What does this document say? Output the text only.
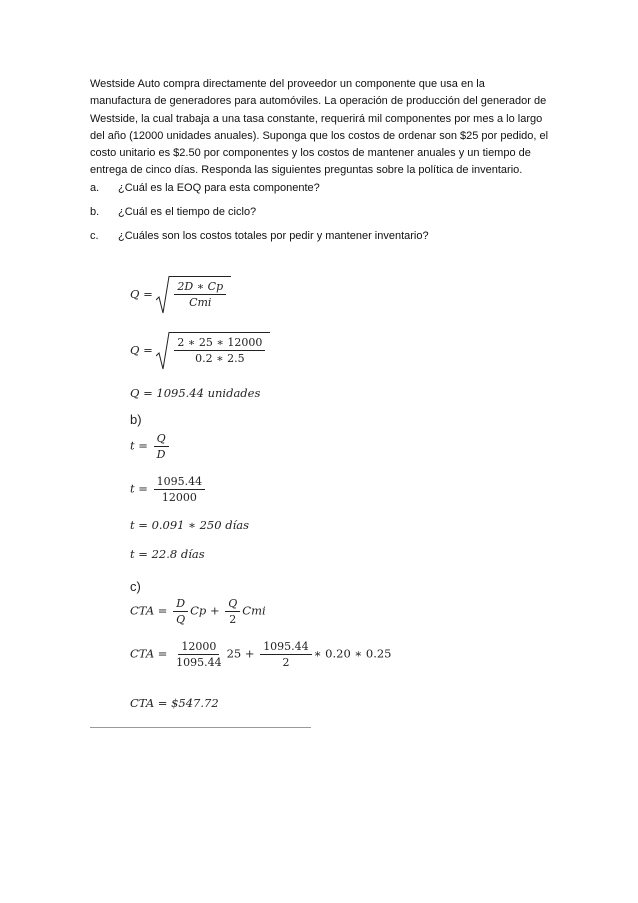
Westside Auto compra directamente del proveedor un componente que usa en la
manufactura de generadores para automóviles. La operación de producción del generador de
Westside, la cual trabaja a una tasa constante, requerirá mil componentes por mes a lo largo
del año (12000 unidades anuales). Suponga que los costos de ordenar son $25 por pedido, el
costo unitario es $2.50 por componentes y los costos de mantener anuales y un tiempo de
entrega de cinco días. Responda las siguientes preguntas sobre la política de inventario.
a. ¿Cuál es la EOQ para esta componente?
b. ¿Cuál es el tiempo de ciclo?
c. ¿Cuáles son los costos totales por pedir y mantener inventario?
$Q = \frac{2D ∗ Cp}{\text{Cmi}}$
$Q = \frac{2 ∗ 25 ∗ 12000}{0.2 ∗ 2.5}$
Q = 1095.44 unidades
b)
$t = \frac{Q}{D}$
$t = \frac{1095.44}{12000}$
t = 0.091 ∗ 250 días
t = 22.8 días
c)
CTA = $\frac{D}{Q}$ $Cp + \frac{Q}{2}$ Cmi
CTA = $\frac{12000}{1095.44} 25 + \frac{1095.44}{2}$ ∗ 0.20 ∗ 0.25
CTA = $547.72
